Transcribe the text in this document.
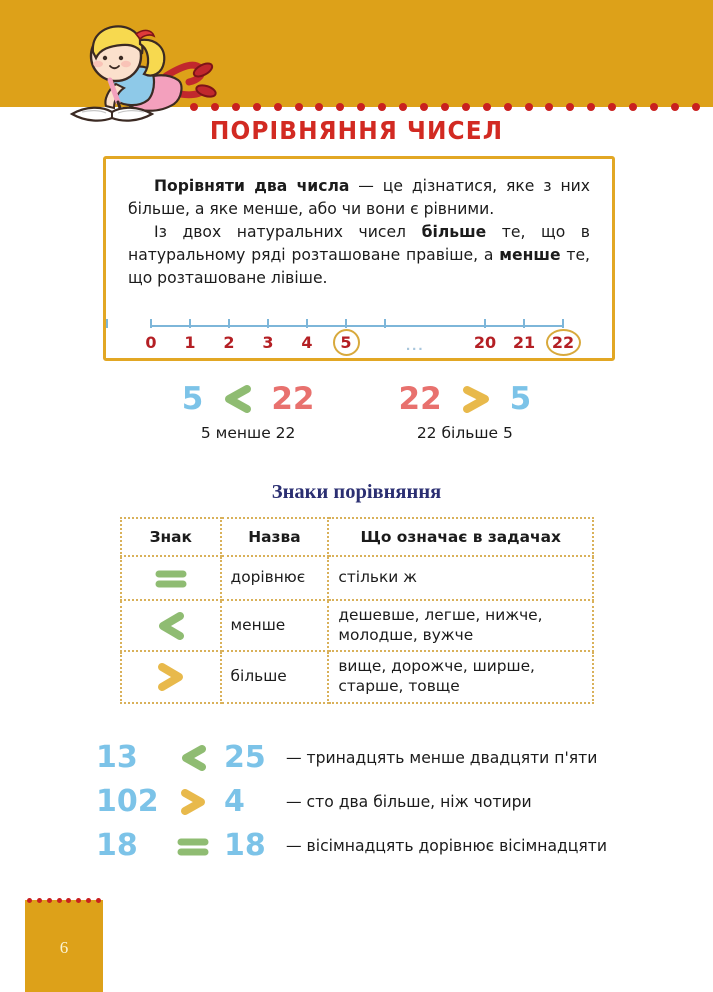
ПОРІВНЯННЯ ЧИСЕЛ

Порівняти два числа — це дізнатися, яке з них більше, а яке менше, або чи вони є рівними.

Із двох натуральних чисел більше те, що в натуральному ряді розташоване правіше, а менше те, що розташоване лівіше.

0	1	2	3	4	5	...	20	21	22
5 22
5 менше 22
22 5
22 більше 5
Знаки порівняння
Знак	Назва	Що означає в задачах

	дорівнює	стільки ж

	менше	дешевше, легше, нижче, молодше, вужче

	більше	вище, дорожче, ширше, старше, товще
13	25	— тринадцять менше двадцяти п'яти
102 4	— сто два більше, ніж чотири
18	18	— вісімнадцять дорівнює вісімнадцяти
6
